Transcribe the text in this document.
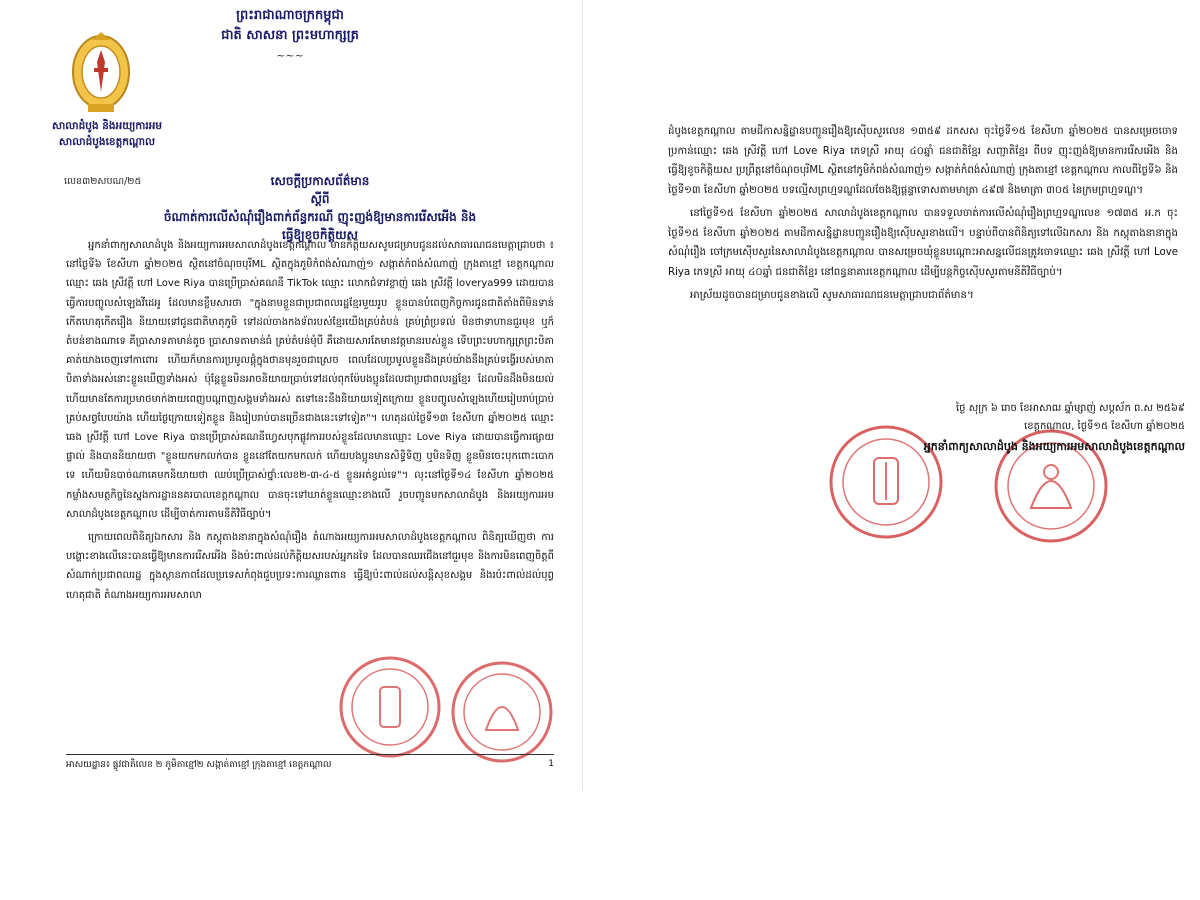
សាលាដំបូង និងអយ្យការអម
សាលាដំបូងខេត្តកណ្តាល
ព្រះរាជាណាចក្រកម្ពុជា
ជាតិ សាសនា ព្រះមហាក្សត្រ
~~~
លេខ៣២សបណ/២៥	សេចក្តីប្រកាសព័ត៌មាន
ស្តីពី
ចំណាត់ការលើសំណុំរឿងពាក់ព័ន្ធករណី ញុះញង់ឱ្យមានការរើសអើង និង
ធ្វើឱ្យខូចកិត្តិយស

អ្នកនាំពាក្យសាលាដំបូង និងអយ្យការអមសាលាដំបូងខេត្តកណ្តាល មានកិត្តិយសសូមជម្រាបជូនដល់សាធារណជនមេត្តាជ្រាបថា ៖ នៅថ្ងៃទី៦ ខែសីហា ឆ្នាំ២០២៥ ស្ថិតនៅចំណុចបុរីML ស្ថិតក្នុងភូមិកំពង់សំណាញ់១ សង្កាត់កំពង់សំណាញ់ ក្រុងតាខ្មៅ ខេត្តកណ្តាល ឈ្មោះ ឆេង ស្រីវត្តី ហៅ Love Riya បានប្រើប្រាស់គណនី TikTok ឈ្មោះ លោកជំទាវខ្លាញ់ ឆេង ស្រីវត្តី loverya999 ដោយបានធ្វើការបញ្ចូលសំឡេងវីដេអូ ដែលមានខ្លឹមសារថា "ក្នុងនាមខ្លួនជាប្រជាពលរដ្ឋខ្មែរមួយរូប ខ្លួនបានបំពេញកិច្ចការជូនជាតិតាំងពីមិនទាន់កើតហេតុកើតរឿង និយាយទៅជូនជាតិមាតុភូមិ ទៅដល់ចាងកងទ័ពរបស់ខ្មែរយើងគ្រប់តំបន់ គ្រប់ព្រំប្រទល់ មិនថាទាហានជួរមុខ ឬក៏តំបន់ខាងណាទេ គឺប្រាសាទតាមាន់តូច ប្រាសាទតាមាន់ធំ គ្រប់តំបន់មុំបី គឺដោយសារតែមានវត្តមានរបស់ខ្លួន ទើបព្រះមហាក្សត្រព្រះបិតាគាត់យាងចេញទៅកាពោរ ហើយក៏មានការប្រមូលផ្តុំក្នុងថានមុនរួចជាស្រេច ពេលដែលប្រមូលខ្លួនដឹងគ្រប់យ៉ាងនឹងគ្រប់ទង្វើរបស់មាតាបិតាទាំងអស់នោះខ្លួនឃើញទាំងអស់ ប៉ុន្តែខ្លួនមិនអាចនិយាយប្រាប់ទៅដល់ពុកម៉ែបងប្អូនដែលជាប្រជាពលរដ្ឋខ្មែរ ដែលមិនដឹងមិនយល់ ហើយមានតែការប្រមាថមាក់ងាយពេញបណ្តាញសង្គមទាំងអស់ តទៅនេះនឹងនិយាយទៀតក្រោយ ខ្លួនបញ្ចូលសំឡេងហើយរៀបរាប់ប្រាប់គ្រប់សព្វបែបយ៉ាង ហើយថ្ងៃក្រោយទៀតខ្លួន និងរៀបរាប់បានច្រើនជាងនេះទៅទៀត"។ ហេតុដល់ថ្ងៃទី១៣ ខែសីហា ឆ្នាំ២០២៥ ឈ្មោះ ឆេង ស្រីវត្តី ហៅ Love Riya បានប្រើប្រាស់គណនីហ្វេសបុកផ្លូវការរបស់ខ្លួនដែលមានឈ្មោះ Love Riya ដោយបានធ្វើការផ្សាយផ្ទាល់ និងបាននិយាយថា "ខ្លួនយកមកលក់បាន ខ្លួននៅតែយកមកលក់ ហើយបងប្អូនមានសិទ្ធិទិញ ឬមិនទិញ ខ្លួនមិនចេះបុកពោះបោកទេ ហើយមិនបាច់ណាគេមកនិយាយថា ឈប់ប្រើប្រាស់ថ្នាំ:លេខ២-៣-៤-៥ ខ្លួនអត់ខ្វល់ទេ"។ លុះនៅថ្ងៃទី១៤ ខែសីហា ឆ្នាំ២០២៥ កម្លាំងសមត្ថកិច្ចនៃស្នងការដ្ឋាននគរបាលខេត្តកណ្តាល បានចុះទៅឃាត់ខ្លួនឈ្មោះខាងលើ រួចបញ្ជូនមកសាលាដំបូង និងអយ្យការអមសាលាដំបូងខេត្តកណ្តាល ដើម្បីចាត់ការតាមនីតិវិធីច្បាប់។

ក្រោយពេលពិនិត្យឯកសារ និង កស្តុតាងនានាក្នុងសំណុំរឿង តំណាងអយ្យការអមសាលាដំបូងខេត្តកណ្តាល ពិនិត្យឃើញថា ការបង្ហោះខាងលើនេះបានធ្វើឱ្យមានការរើសអើង និងប៉ះពាល់ដល់កិត្តិយសរបស់អ្នកដទៃ ដែលបានឈរជើងនៅជួរមុខ និងការមិនពេញចិត្តពីសំណាក់ប្រជាពលរដ្ឋ ក្នុងស្ថានភាពដែលប្រទេសកំពុងជួបប្រទះការឈ្លានពាន ធ្វើឱ្យប៉ះពាល់ដល់សន្តិសុខសង្គម និងរប៉ះពាល់ដល់បុព្វហេតុជាតិ តំណាងអយ្យការអមសាលា

អាសយដ្ឋាន៖ ផ្លូវជាតិលេខ ២ ភូមិតាខ្មៅ២ សង្កាត់តាខ្មៅ ក្រុងតាខ្មៅ ខេត្តកណ្តាល	1

ដំបូងខេត្តកណ្តាល តាមដីកាសន្និដ្ឋានបញ្ជូនរឿងឱ្យស៊ើបសួរលេខ ១៣៥៩ ដកសស ចុះថ្ងៃទី១៥ ខែសីហា ឆ្នាំ២០២៥ បានសម្រេចចោទប្រកាន់ឈ្មោះ ឆេង ស្រីវត្តី ហៅ Love Riya ភេទស្រី អាយុ ៤០ឆ្នាំ ជនជាតិខ្មែរ សញ្ជាតិខ្មែរ ពីបទ ញុះញង់ឱ្យមានការរើសអើង និង ធ្វើឱ្យខូចកិត្តិយស ប្រព្រឹត្តនៅចំណុចបុរីML ស្ថិតនៅភូមិកំពង់សំណាញ់១ សង្កាត់កំពង់សំណាញ់ ក្រុងតាខ្មៅ ខេត្តកណ្តាល កាលពីថ្ងៃទី៦ និងថ្ងៃទី១៣ ខែសីហា ឆ្នាំ២០២៥ បទល្មើសព្រហ្មទណ្ឌដែលចែងឱ្យផ្តន្ទាទោសតាមមាត្រា ៤៩៧ និងមាត្រា ៣០៥ នៃក្រមព្រហ្មទណ្ឌ។

នៅថ្ងៃទី១៥ ខែសីហា ឆ្នាំ២០២៥ សាលាដំបូងខេត្តកណ្តាល បានទទួលចាត់ការលើសំណុំរឿងព្រហ្មទណ្ឌលេខ ១៧៣៥ អ.ក ចុះថ្ងៃទី១៥ ខែសីហា ឆ្នាំ២០២៥ តាមដីកាសន្និដ្ឋានបញ្ជូនរឿងឱ្យស៊ើបសួរខាងលើ។ បន្ទាប់ពីបានពិនិត្យទៅលើឯកសារ និង កស្តុតាងនានាក្នុងសំណុំរឿង ចៅក្រមស៊ើបសួរនៃសាលាដំបូងខេត្តកណ្តាល បានសម្រេចឃុំខ្លួនបណ្តោះអាសន្នលើជនត្រូវចោទឈ្មោះ ឆេង ស្រីវត្តី ហៅ Love Riya ភេទស្រី អាយុ ៤០ឆ្នាំ ជនជាតិខ្មែរ នៅពន្ធនាគារខេត្តកណ្តាល ដើម្បីបន្តកិច្ចស៊ើបសួរតាមនីតិវិធីច្បាប់។

អាស្រ័យដូចបានជម្រាបជូនខាងលើ សូមសាធារណជនមេត្តាជ្រាបជាព័ត៌មាន។

ថ្ងៃ សុក្រ ៦ រោច ខែអាសាឍ ឆ្នាំម្សាញ់ សប្តស័ក ព.ស ២៥៦៩
ខេត្តកណ្តាល, ថ្ងៃទី១៥ ខែសីហា ឆ្នាំ២០២៥
អ្នកនាំពាក្យសាលាដំបូង និងអយ្យការអមសាលាដំបូងខេត្តកណ្តាល
